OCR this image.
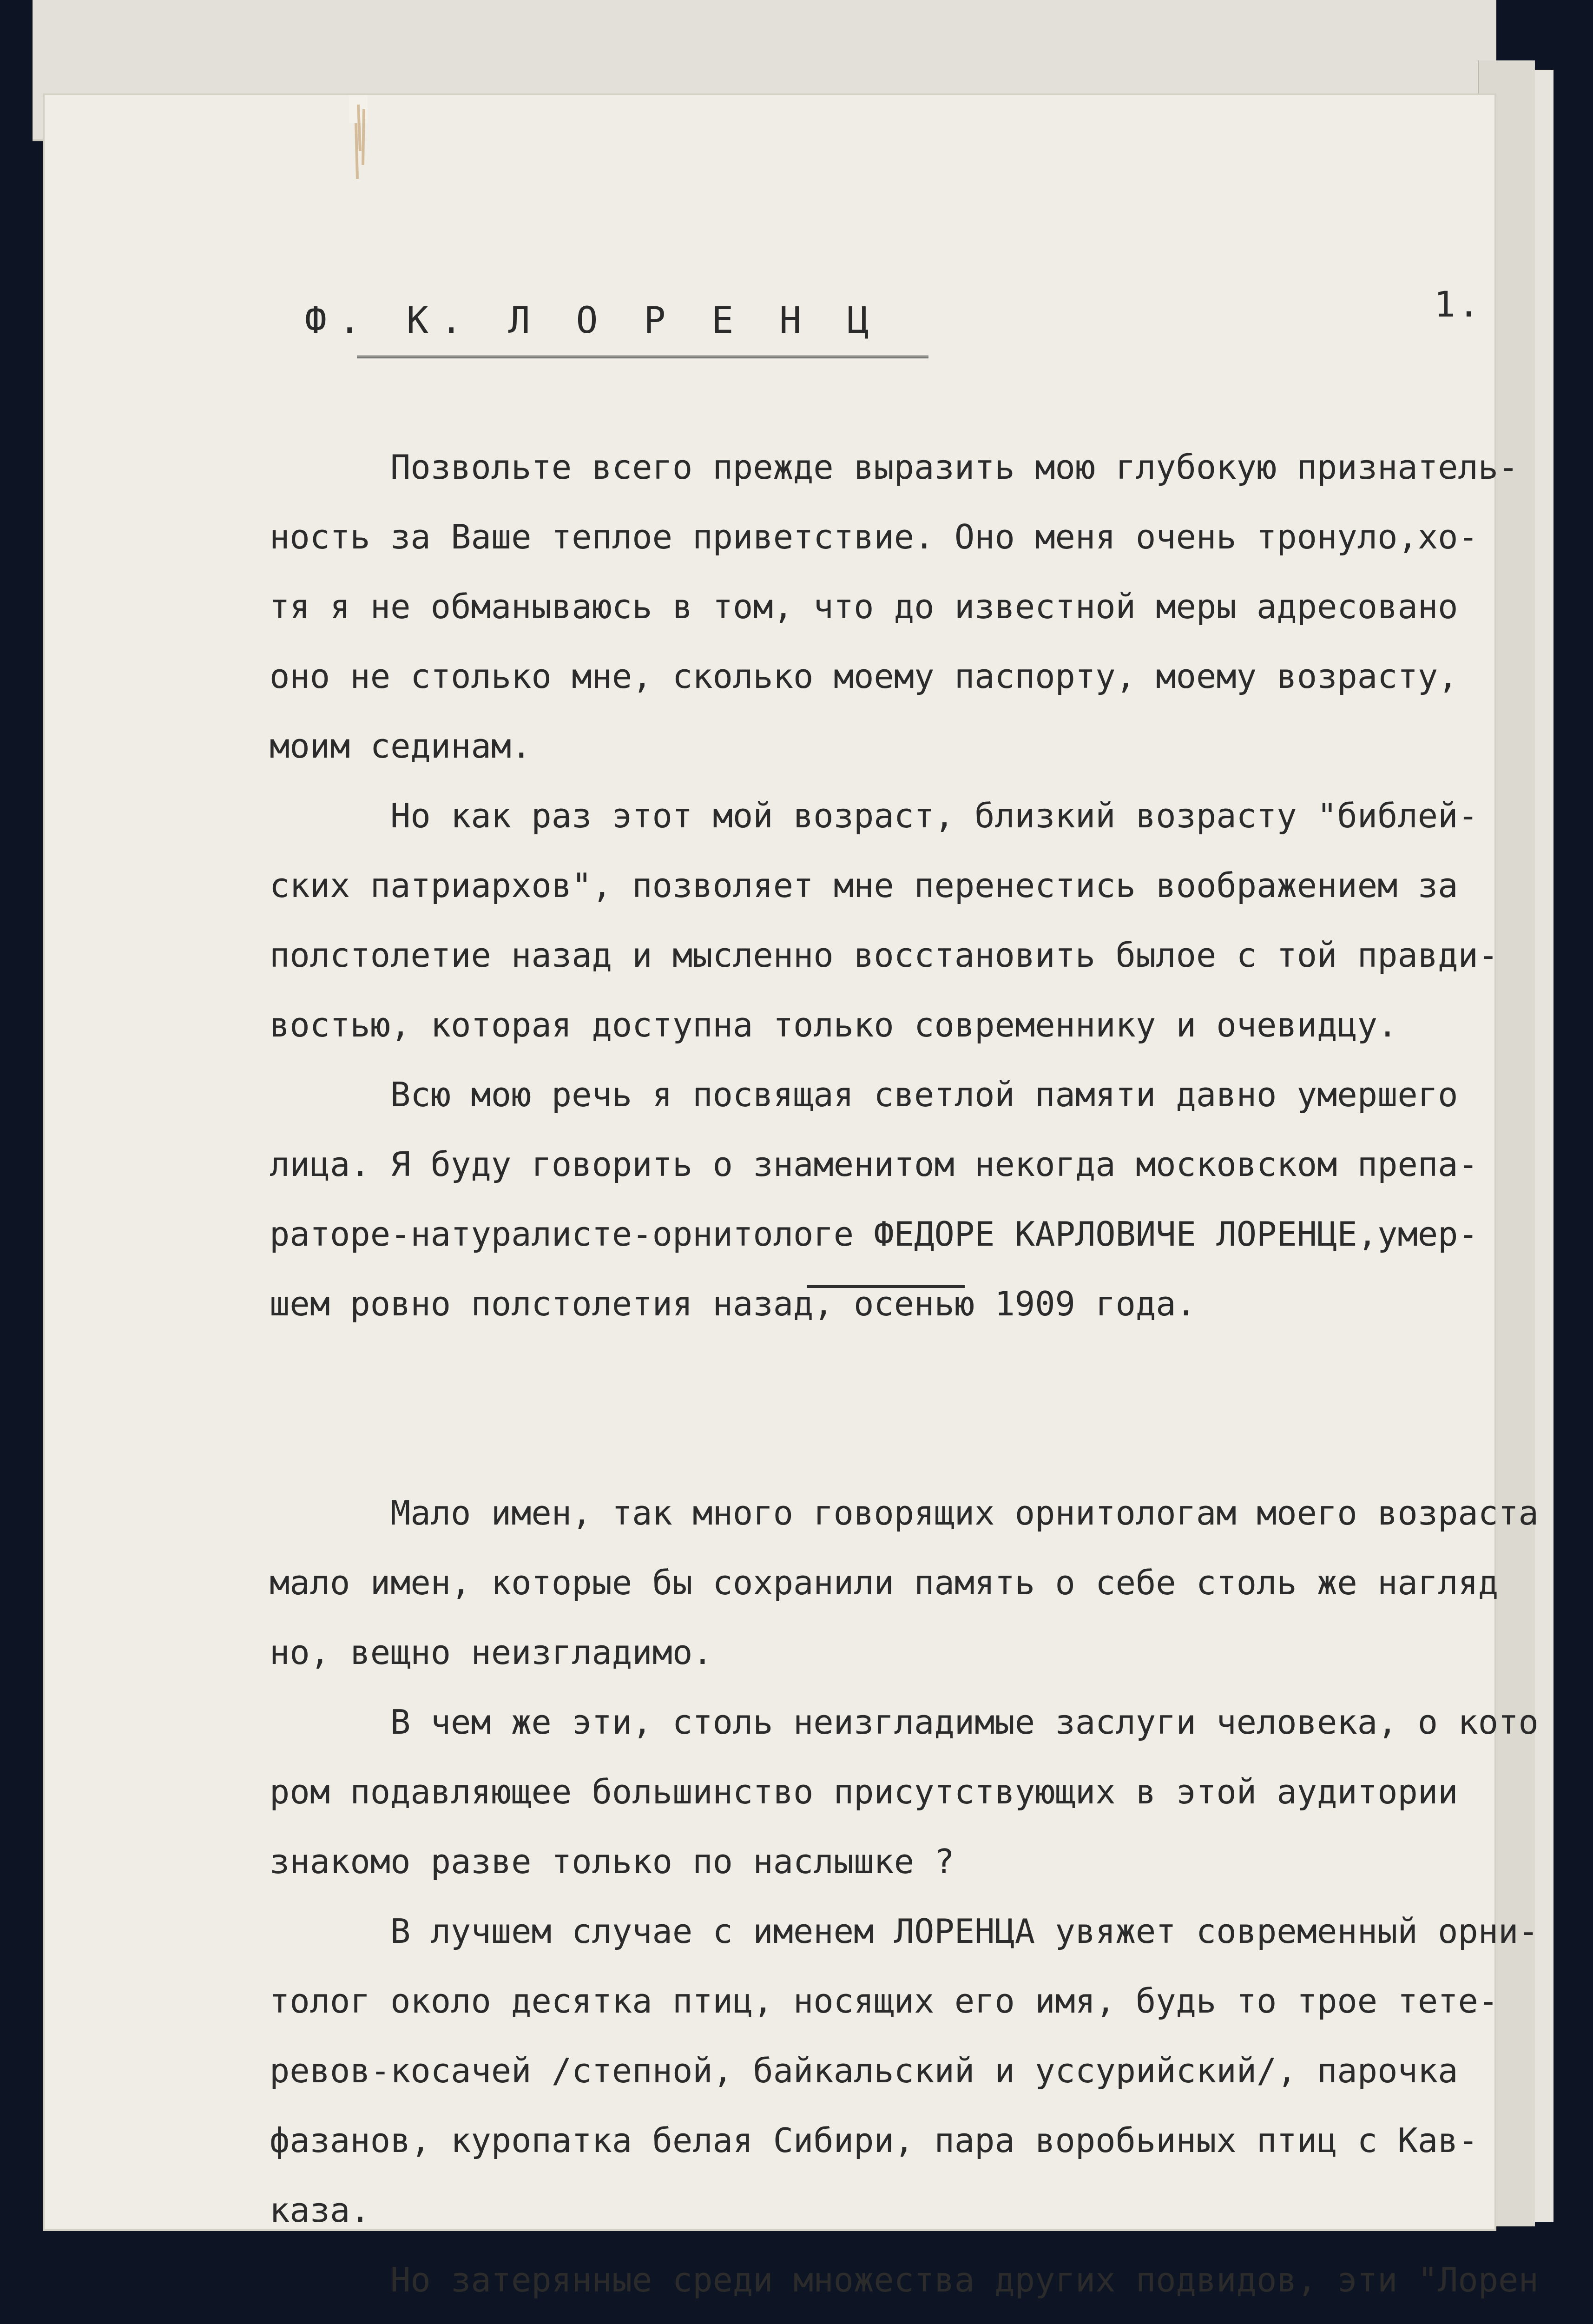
1.
Ф. К. Л О Р Е Н Ц
Позвольте всего прежде выразить мою глубокую признатель-
ность за Ваше теплое приветствие. Оно меня очень тронуло,хо-
тя я не обманываюсь в том, что до известной меры адресовано
оно не столько мне, сколько моему паспорту, моему возрасту,
моим сединам.
Но как раз этот мой возраст, близкий возрасту "библей-
ских патриархов", позволяет мне перенестись воображением за
полстолетие назад и мысленно восстановить былое с той правди-
востью, которая доступна только современнику и очевидцу.
Всю мою речь я посвящая светлой памяти давно умершего
лица. Я буду говорить о знаменитом некогда московском препа-
раторе-натуралисте-орнитологе ФЕДОРЕ КАРЛОВИЧЕ ЛОРЕНЦЕ,умер-
шем ровно полстолетия назад, осенью 1909 года.
Мало имен, так много говорящих орнитологам моего возраста
мало имен, которые бы сохранили память о себе столь же нагляд
но, вещно неизгладимо.
В чем же эти, столь неизгладимые заслуги человека, о кото
ром подавляющее большинство присутствующих в этой аудитории
знакомо разве только по наслышке ?
В лучшем случае с именем ЛОРЕНЦА увяжет современный орни-
толог около десятка птиц, носящих его имя, будь то трое тете-
ревов-косачей /степной, байкальский и уссурийский/, парочка
фазанов, куропатка белая Сибири, пара воробьиных птиц с Кав-
каза.
Но затерянные среди множества других подвидов, эти "Лорен
